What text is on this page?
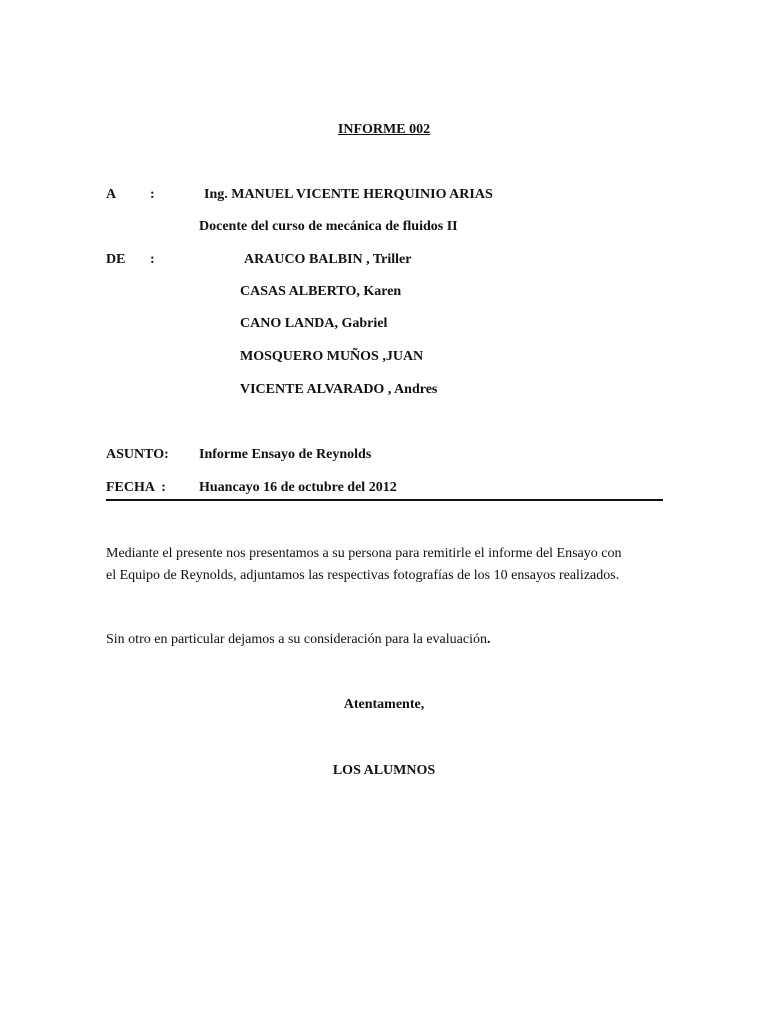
INFORME 002
A :	Ing. MANUEL VICENTE HERQUINIO ARIAS
Docente del curso de mecánica de fluidos II
DE :	ARAUCO BALBIN , Triller
CASAS ALBERTO, Karen
CANO LANDA, Gabriel
MOSQUERO MUÑOS ,JUAN
VICENTE ALVARADO , Andres
ASUNTO: Informe Ensayo de Reynolds
FECHA  : Huancayo 16 de octubre del 2012
Mediante el presente nos presentamos a su persona para remitirle el informe del Ensayo con
el Equipo de Reynolds, adjuntamos las respectivas fotografías de los 10 ensayos realizados.
Sin otro en particular dejamos a su consideración para la evaluación.
Atentamente,
LOS ALUMNOS
